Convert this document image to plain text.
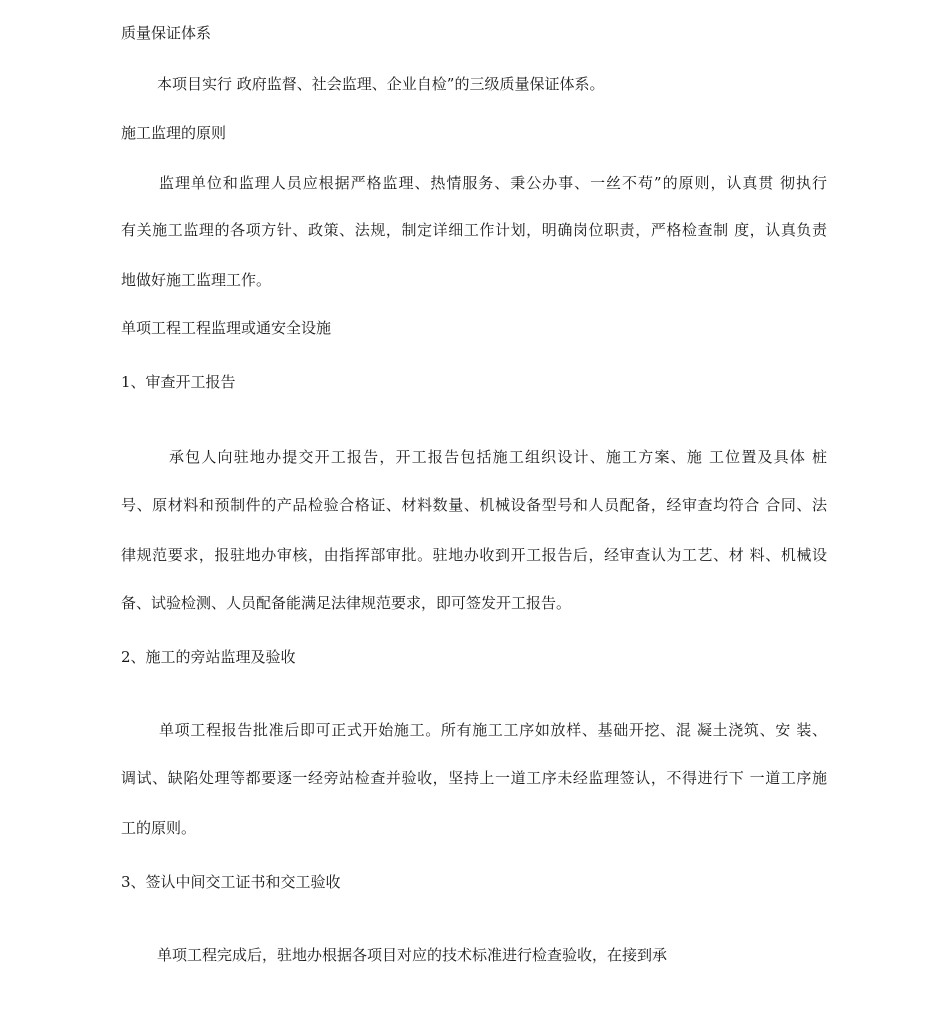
质量保证体系
本项目实行 政府监督、社会监理、企业自检”的三级质量保证体系。
施工监理的原则
监理单位和监理人员应根据严格监理、热情服务、秉公办事、一丝不苟”的原则，认真贯 彻执行
有关施工监理的各项方针、政策、法规，制定详细工作计划，明确岗位职责，严格检查制 度，认真负责
地做好施工监理工作。
单项工程工程监理或通安全设施
1、审查开工报告
承包人向驻地办提交开工报告，开工报告包括施工组织设计、施工方案、施 工位置及具体 桩
号、原材料和预制件的产品检验合格证、材料数量、机械设备型号和人员配备，经审查均符合 合同、法
律规范要求，报驻地办审核，由指挥部审批。驻地办收到开工报告后，经审查认为工艺、材 料、机械设
备、试验检测、人员配备能满足法律规范要求，即可签发开工报告。
2、施工的旁站监理及验收
单项工程报告批准后即可正式开始施工。所有施工工序如放样、基础开挖、混 凝土浇筑、安 装、
调试、缺陷处理等都要逐一经旁站检查并验收，坚持上一道工序未经监理签认，不得进行下 一道工序施
工的原则。
3、签认中间交工证书和交工验收
单项工程完成后，驻地办根据各项目对应的技术标准进行检查验收，在接到承
